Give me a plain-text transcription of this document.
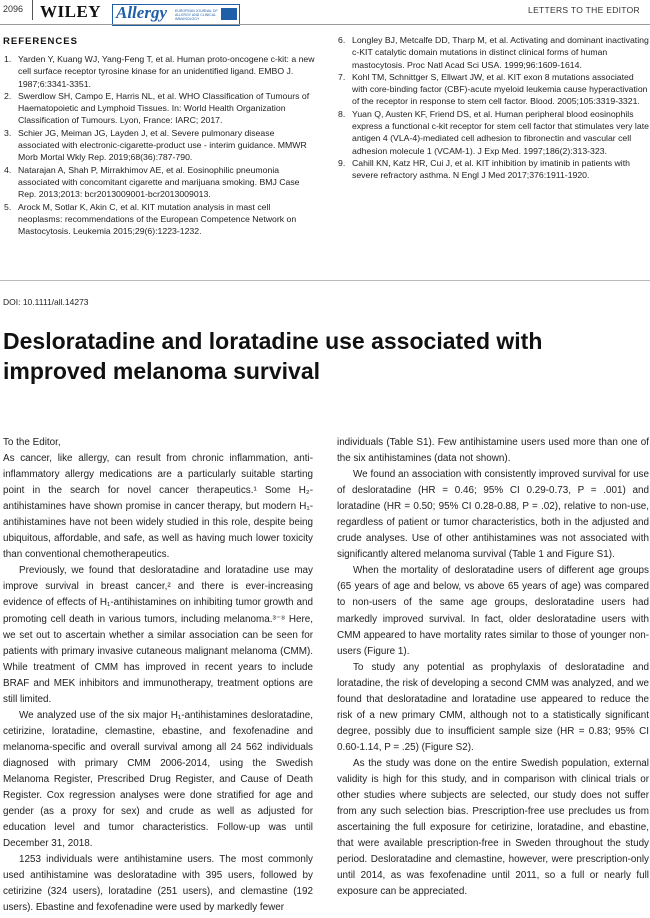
2096 WILEY Allergy EUROPEAN JOURNAL OF ALLERGY AND CLINICAL IMMUNOLOGY
LETTERS TO THE EDITOR
REFERENCES
1. Yarden Y, Kuang WJ, Yang-Feng T, et al. Human proto-oncogene c-kit: a new cell surface receptor tyrosine kinase for an unidentified ligand. EMBO J. 1987;6:3341-3351.
2. Swerdlow SH, Campo E, Harris NL, et al. WHO Classification of Tumours of Haematopoietic and Lymphoid Tissues. In: World Health Organization Classification of Tumours. Lyon, France: IARC; 2017.
3. Schier JG, Meiman JG, Layden J, et al. Severe pulmonary disease associated with electronic-cigarette-product use - interim guidance. MMWR Morb Mortal Wkly Rep. 2019;68(36):787-790.
4. Natarajan A, Shah P, Mirrakhimov AE, et al. Eosinophilic pneumonia associated with concomitant cigarette and marijuana smoking. BMJ Case Rep. 2013;2013: bcr2013009001-bcr2013009013.
5. Arock M, Sotlar K, Akin C, et al. KIT mutation analysis in mast cell neoplasms: recommendations of the European Competence Network on Mastocytosis. Leukemia 2015;29(6):1223-1232.
6. Longley BJ, Metcalfe DD, Tharp M, et al. Activating and dominant inactivating c-KIT catalytic domain mutations in distinct clinical forms of human mastocytosis. Proc Natl Acad Sci USA. 1999;96:1609-1614.
7. Kohl TM, Schnittger S, Ellwart JW, et al. KIT exon 8 mutations associated with core-binding factor (CBF)-acute myeloid leukemia cause hyperactivation of the receptor in response to stem cell factor. Blood. 2005;105:3319-3321.
8. Yuan Q, Austen KF, Friend DS, et al. Human peripheral blood eosinophils express a functional c-kit receptor for stem cell factor that stimulates very late antigen 4 (VLA-4)-mediated cell adhesion to fibronectin and vascular cell adhesion molecule 1 (VCAM-1). J Exp Med. 1997;186(2):313-323.
9. Cahill KN, Katz HR, Cui J, et al. KIT inhibition by imatinib in patients with severe refractory asthma. N Engl J Med 2017;376:1911-1920.
DOI: 10.1111/all.14273
Desloratadine and loratadine use associated with improved melanoma survival

To the Editor,

As cancer, like allergy, can result from chronic inflammation, anti-inflammatory allergy medications are a particularly suitable starting point in the search for novel cancer therapeutics.¹ Some H₂-antihistamines have shown promise in cancer therapy, but modern H₁-antihistamines have not been widely studied in this role, despite being ubiquitous, affordable, and safe, as well as having much lower toxicity than conventional chemotherapeutics.

Previously, we found that desloratadine and loratadine use may improve survival in breast cancer,² and there is ever-increasing evidence of effects of H₁-antihistamines on inhibiting tumor growth and promoting cell death in various tumors, including melanoma.³⁻⁸ Here, we set out to ascertain whether a similar association can be seen for patients with primary invasive cutaneous malignant melanoma (CMM). While treatment of CMM has improved in recent years to include BRAF and MEK inhibitors and immunotherapy, treatment options are still limited.

We analyzed use of the six major H₁-antihistamines desloratadine, cetirizine, loratadine, clemastine, ebastine, and fexofenadine and melanoma-specific and overall survival among all 24 562 individuals diagnosed with primary CMM 2006-2014, using the Swedish Melanoma Register, Prescribed Drug Register, and Cause of Death Register. Cox regression analyses were done stratified for age and gender (as a proxy for sex) and crude as well as adjusted for education level and tumor characteristics. Follow-up was until December 31, 2018.

1253 individuals were antihistamine users. The most commonly used antihistamine was desloratadine with 395 users, followed by cetirizine (324 users), loratadine (251 users), and clemastine (192 users). Ebastine and fexofenadine were used by markedly fewer

individuals (Table S1). Few antihistamine users used more than one of the six antihistamines (data not shown).

We found an association with consistently improved survival for use of desloratadine (HR = 0.46; 95% CI 0.29-0.73, P = .001) and loratadine (HR = 0.50; 95% CI 0.28-0.88, P = .02), relative to non-use, regardless of patient or tumor characteristics, both in the adjusted and crude analyses. Use of other antihistamines was not associated with significantly altered melanoma survival (Table 1 and Figure S1).

When the mortality of desloratadine users of different age groups (65 years of age and below, vs above 65 years of age) was compared to non-users of the same age groups, desloratadine users had markedly improved survival. In fact, older desloratadine users with CMM appeared to have mortality rates similar to those of younger non-users (Figure 1).

To study any potential as prophylaxis of desloratadine and loratadine, the risk of developing a second CMM was analyzed, and we found that desloratadine and loratadine use appeared to reduce the risk of a new primary CMM, although not to a statistically significant degree, possibly due to insufficient sample size (HR = 0.83; 95% CI 0.60-1.14, P = .25) (Figure S2).

As the study was done on the entire Swedish population, external validity is high for this study, and in comparison with clinical trials or other studies where subjects are selected, our study does not suffer from any such selection bias. Prescription-free use precludes us from ascertaining the full exposure for cetirizine, loratadine, and ebastine, that were available prescription-free in Sweden throughout the study period. Desloratadine and clemastine, however, were prescription-only until 2014, as was fexofenadine until 2011, so a full or nearly full exposure can be appreciated.
